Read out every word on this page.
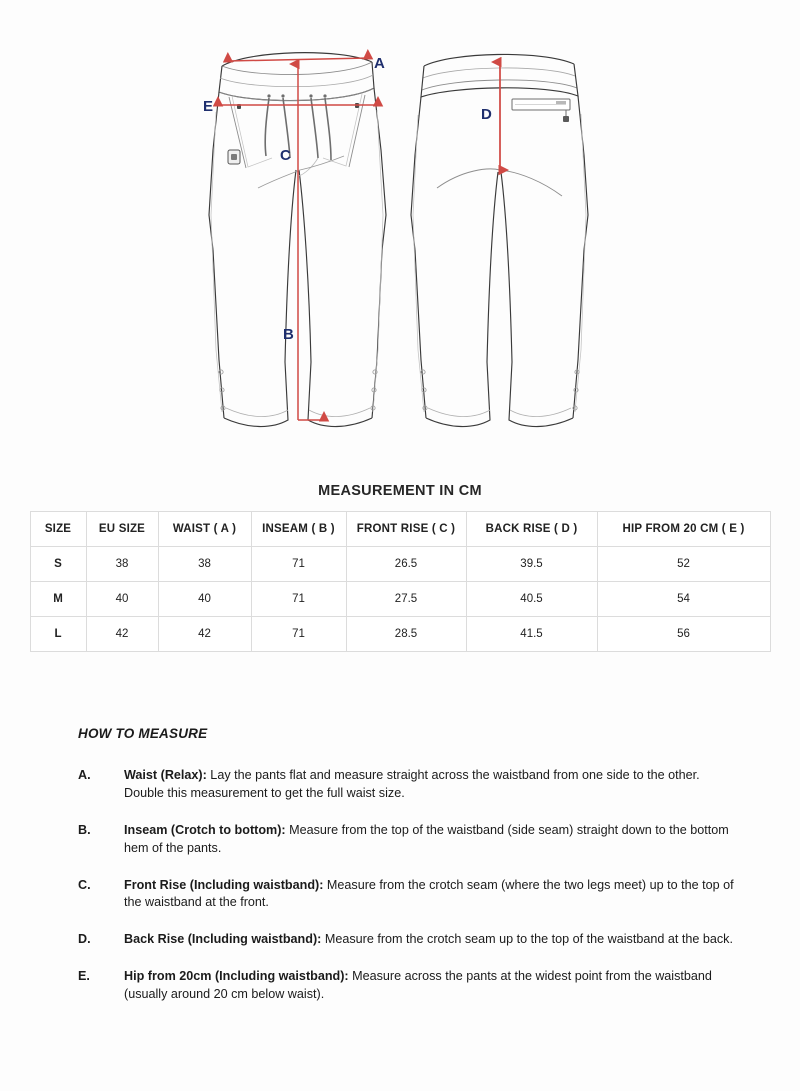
A
B
C
E	D
MEASUREMENT IN CM
SIZE	EU SIZE	WAIST ( A )	INSEAM ( B )	FRONT RISE ( C )	BACK RISE ( D )	HIP FROM 20 CM ( E )
S	38	38	71	26.5	39.5	52
M	40	40	71	27.5	40.5	54
L	42	42	71	28.5	41.5	56
HOW TO MEASURE
A.	Waist (Relax): Lay the pants flat and measure straight across the waistband from one side to the other. Double this measurement to get the full waist size.
B.	Inseam (Crotch to bottom): Measure from the top of the waistband (side seam) straight down to the bottom hem of the pants.
C.	Front Rise (Including waistband): Measure from the crotch seam (where the two legs meet) up to the top of the waistband at the front.
D.	Back Rise (Including waistband): Measure from the crotch seam up to the top of the waistband at the back.
E.	Hip from 20cm (Including waistband): Measure across the pants at the widest point from the waistband (usually around 20 cm below waist).
